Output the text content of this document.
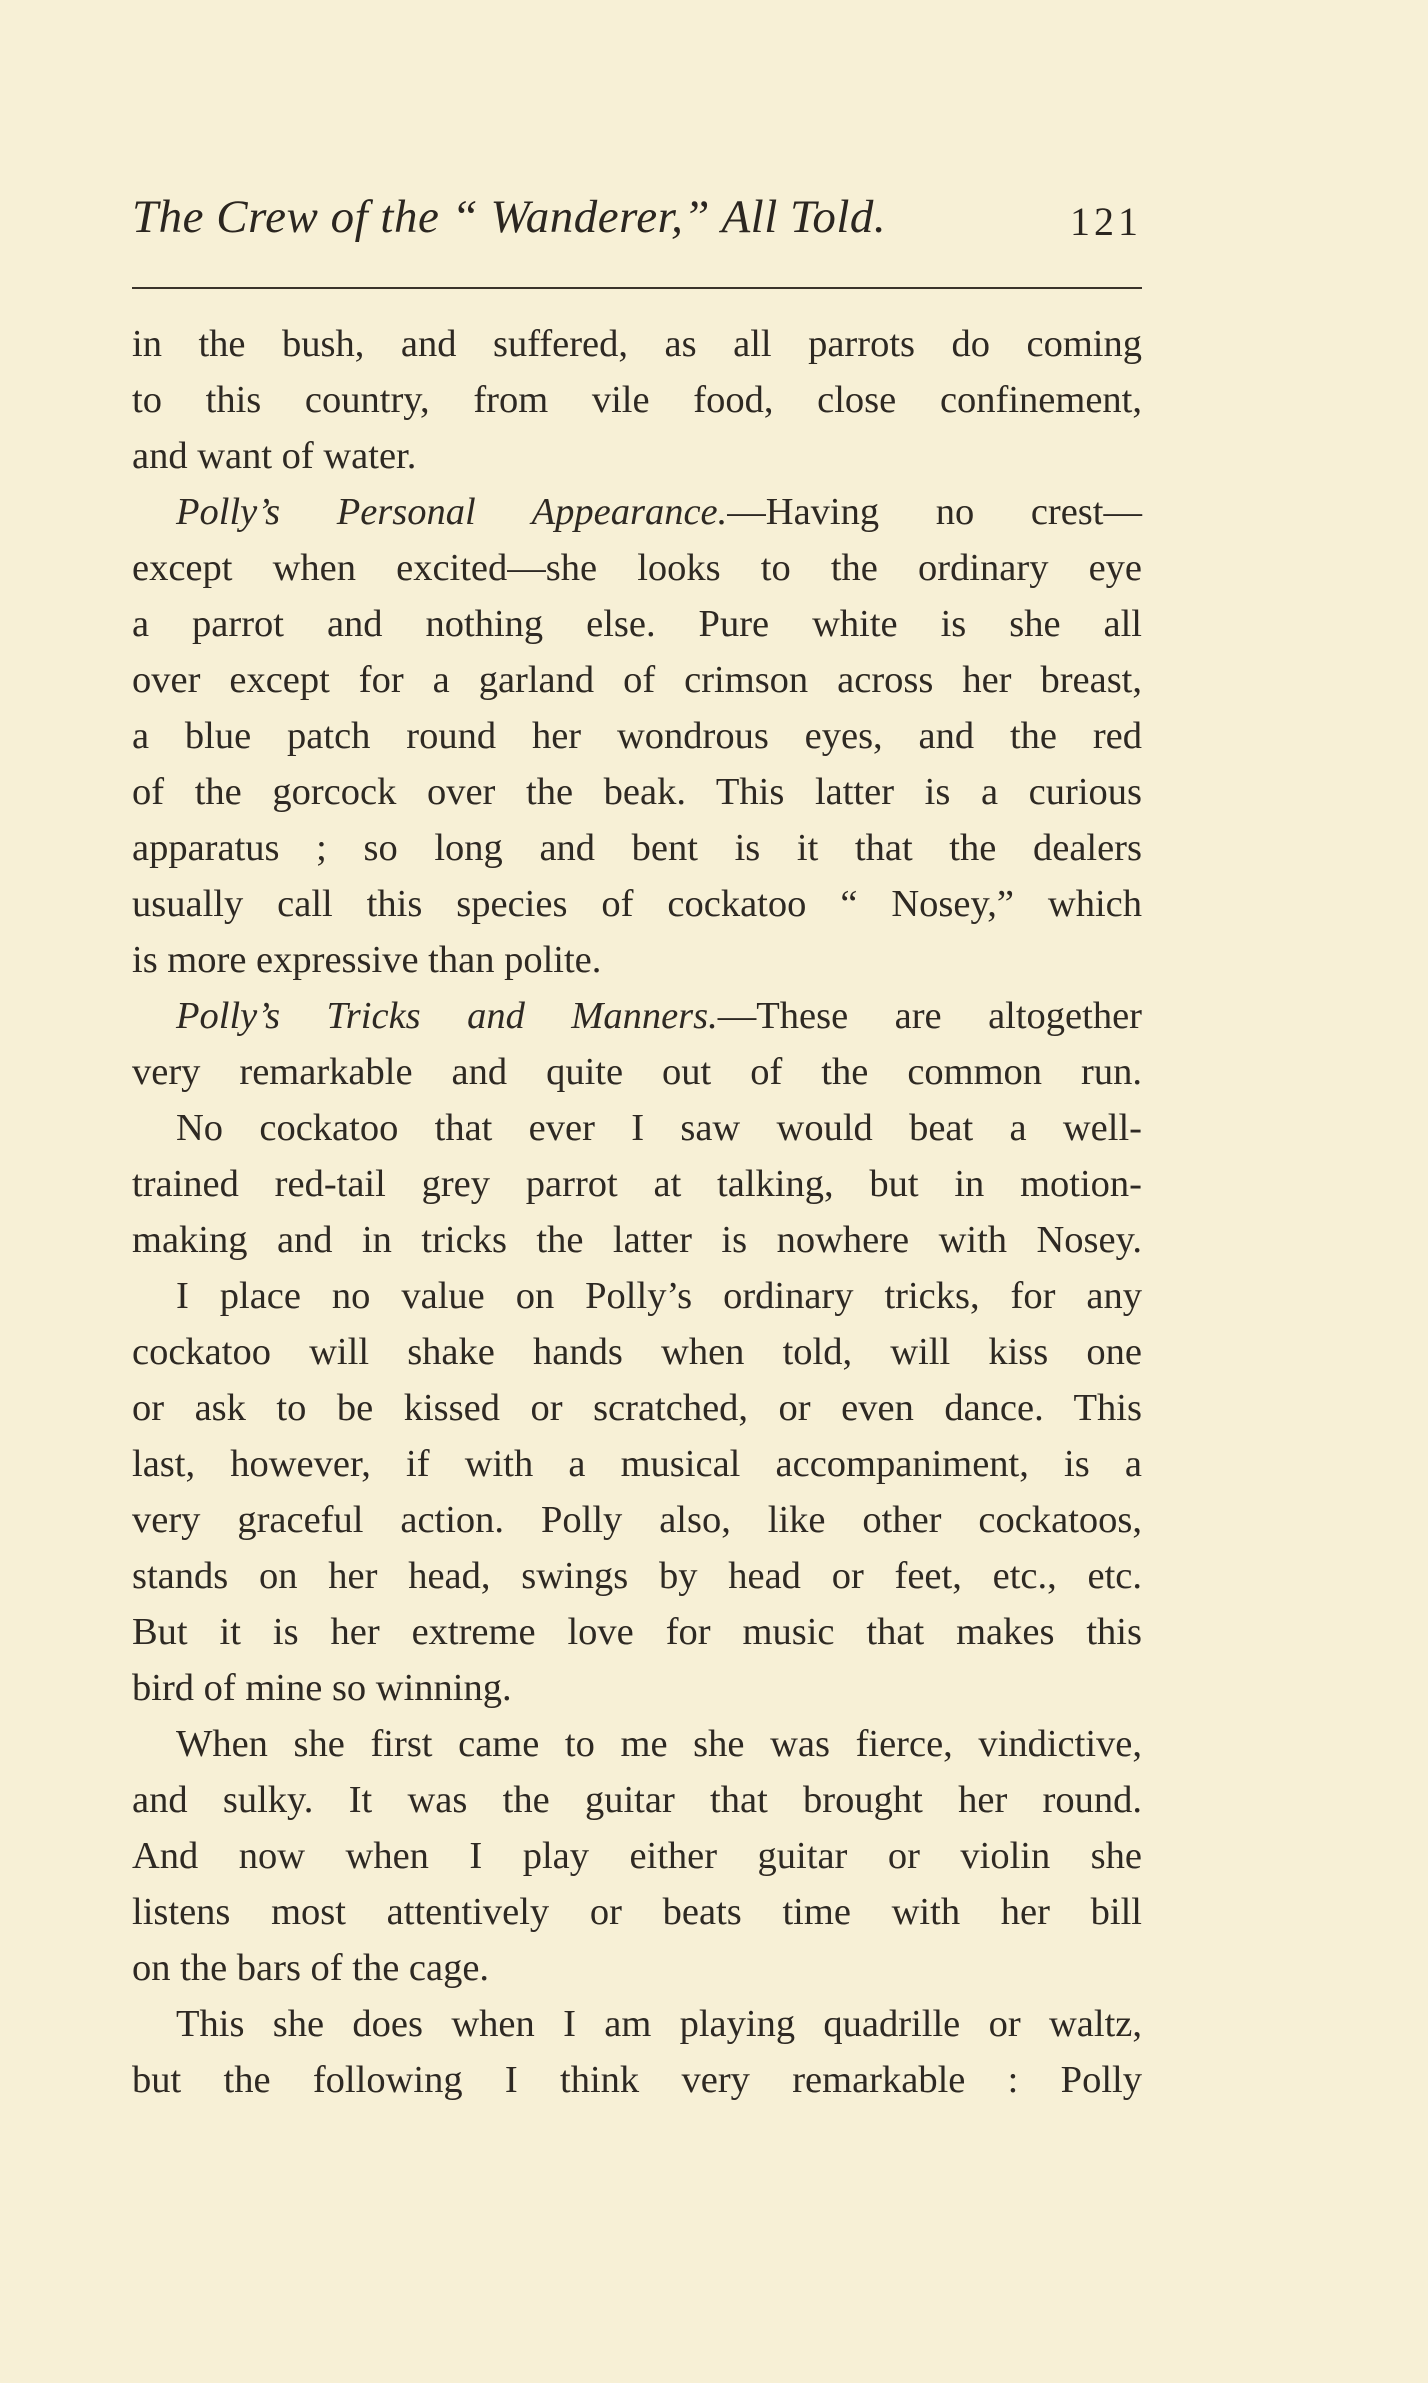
The Crew of the “ Wanderer,” All Told.	121
in the bush, and suffered, as all parrots do coming
to this country, from vile food, close confinement,
and want of water.
Polly’s Personal Appearance.—Having no crest—
except when excited—she looks to the ordinary eye
a parrot and nothing else. Pure white is she all
over except for a garland of crimson across her breast,
a blue patch round her wondrous eyes, and the red
of the gorcock over the beak. This latter is a curious
apparatus ; so long and bent is it that the dealers
usually call this species of cockatoo “ Nosey,” which
is more expressive than polite.
Polly’s Tricks and Manners.—These are altogether
very remarkable and quite out of the common run.
No cockatoo that ever I saw would beat a well-
trained red-tail grey parrot at talking, but in motion-
making and in tricks the latter is nowhere with Nosey.
I place no value on Polly’s ordinary tricks, for any
cockatoo will shake hands when told, will kiss one
or ask to be kissed or scratched, or even dance. This
last, however, if with a musical accompaniment, is a
very graceful action. Polly also, like other cockatoos,
stands on her head, swings by head or feet, etc., etc.
But it is her extreme love for music that makes this
bird of mine so winning.
When she first came to me she was fierce, vindictive,
and sulky. It was the guitar that brought her round.
And now when I play either guitar or violin she
listens most attentively or beats time with her bill
on the bars of the cage.
This she does when I am playing quadrille or waltz,
but the following I think very remarkable : Polly
